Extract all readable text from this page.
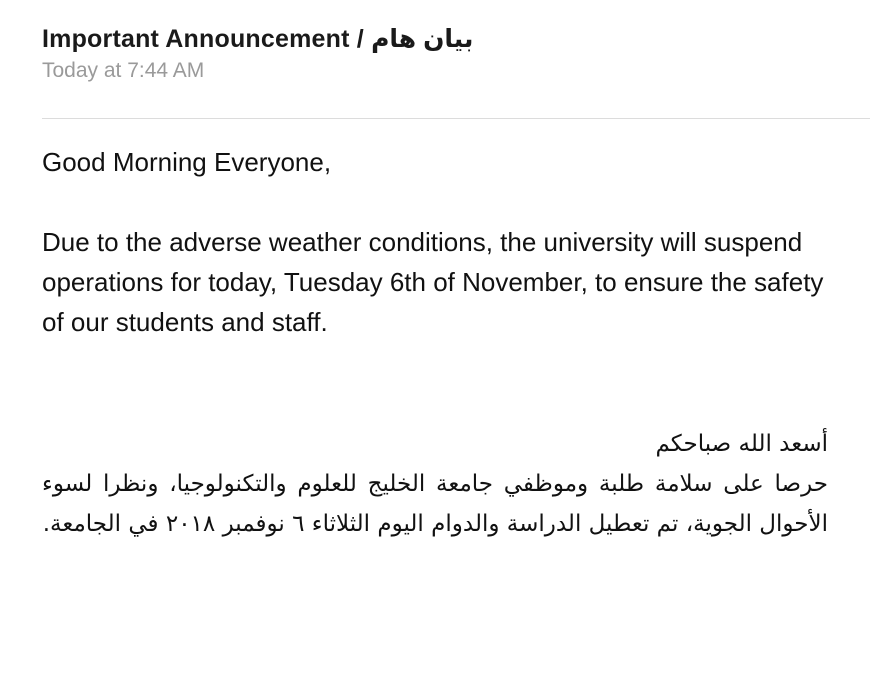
Important Announcement / بيان هام
Today at 7:44 AM

Good Morning Everyone,

Due to the adverse weather conditions, the university will suspend operations for today, Tuesday 6th of November, to ensure the safety of our students and staff.

أسعد الله صباحكم

حرصا على سلامة طلبة وموظفي جامعة الخليج للعلوم والتكنولوجيا، ونظرا لسوء الأحوال الجوية، تم تعطيل الدراسة والدوام اليوم الثلاثاء ٦ نوفمبر ٢٠١٨ في الجامعة.
